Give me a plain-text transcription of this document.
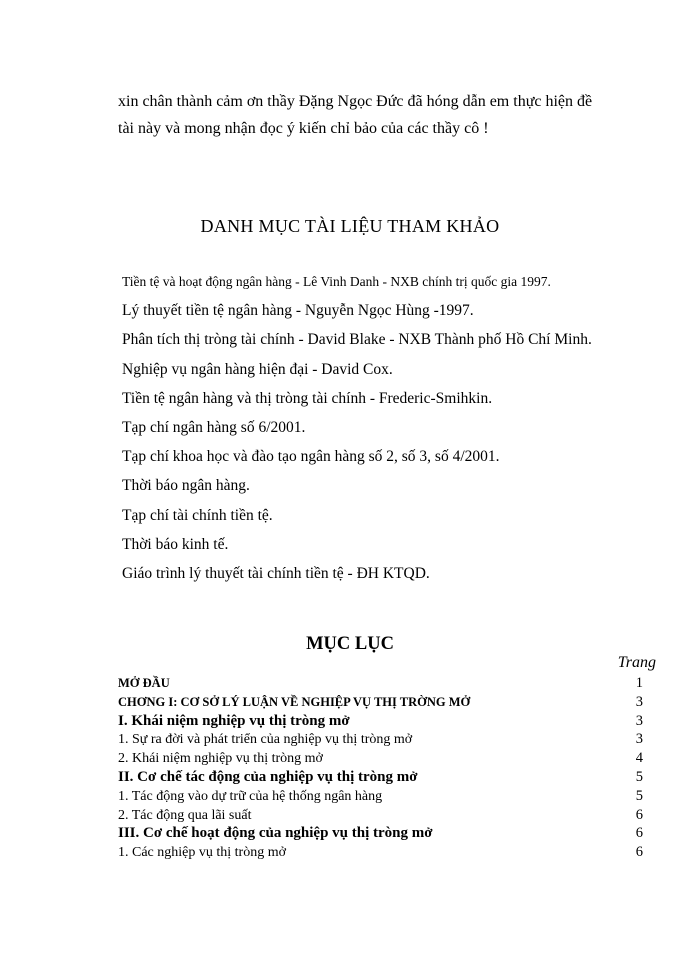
xin chân thành cảm ơn thầy Đặng Ngọc Đức đã hóng dẫn em thực hiện đề

tài này và mong nhận đọc ý kiến chỉ bảo của các thầy cô !

DANH MỤC TÀI LIỆU THAM KHẢO
Tiền tệ và hoạt động ngân hàng - Lê Vinh Danh - NXB chính trị quốc gia 1997.
Lý thuyết tiền tệ ngân hàng - Nguyễn Ngọc Hùng -1997.
Phân tích thị tròng tài chính - David Blake - NXB Thành phố Hồ Chí Minh.
Nghiệp vụ ngân hàng hiện đại - David Cox.
Tiền tệ ngân hàng và thị tròng tài chính - Frederic-Smihkin.
Tạp chí ngân hàng số 6/2001.
Tạp chí khoa học và đào tạo ngân hàng số 2, số 3, số 4/2001.
Thời báo ngân hàng.
Tạp chí tài chính tiền tệ.
Thời báo kinh tế.
Giáo trình lý thuyết tài chính tiền tệ - ĐH KTQD.
MỤC LỤC
Trang
MỞ ĐẦU	1
CHƠNG I: CƠ SỞ LÝ LUẬN VỀ NGHIỆP VỤ THỊ TRỜNG MỞ	3
I. Khái niệm nghiệp vụ thị tròng mở	3
1. Sự ra đời và phát triển của nghiệp vụ thị tròng mở	3
2. Khái niệm nghiệp vụ thị tròng mở	4
II. Cơ chế tác động của nghiệp vụ thị tròng mở	5
1. Tác động vào dự trữ của hệ thống ngân hàng	5
2. Tác động qua lãi suất	6
III. Cơ chế hoạt động của nghiệp vụ thị tròng mở	6
1. Các nghiệp vụ thị tròng mở	6
